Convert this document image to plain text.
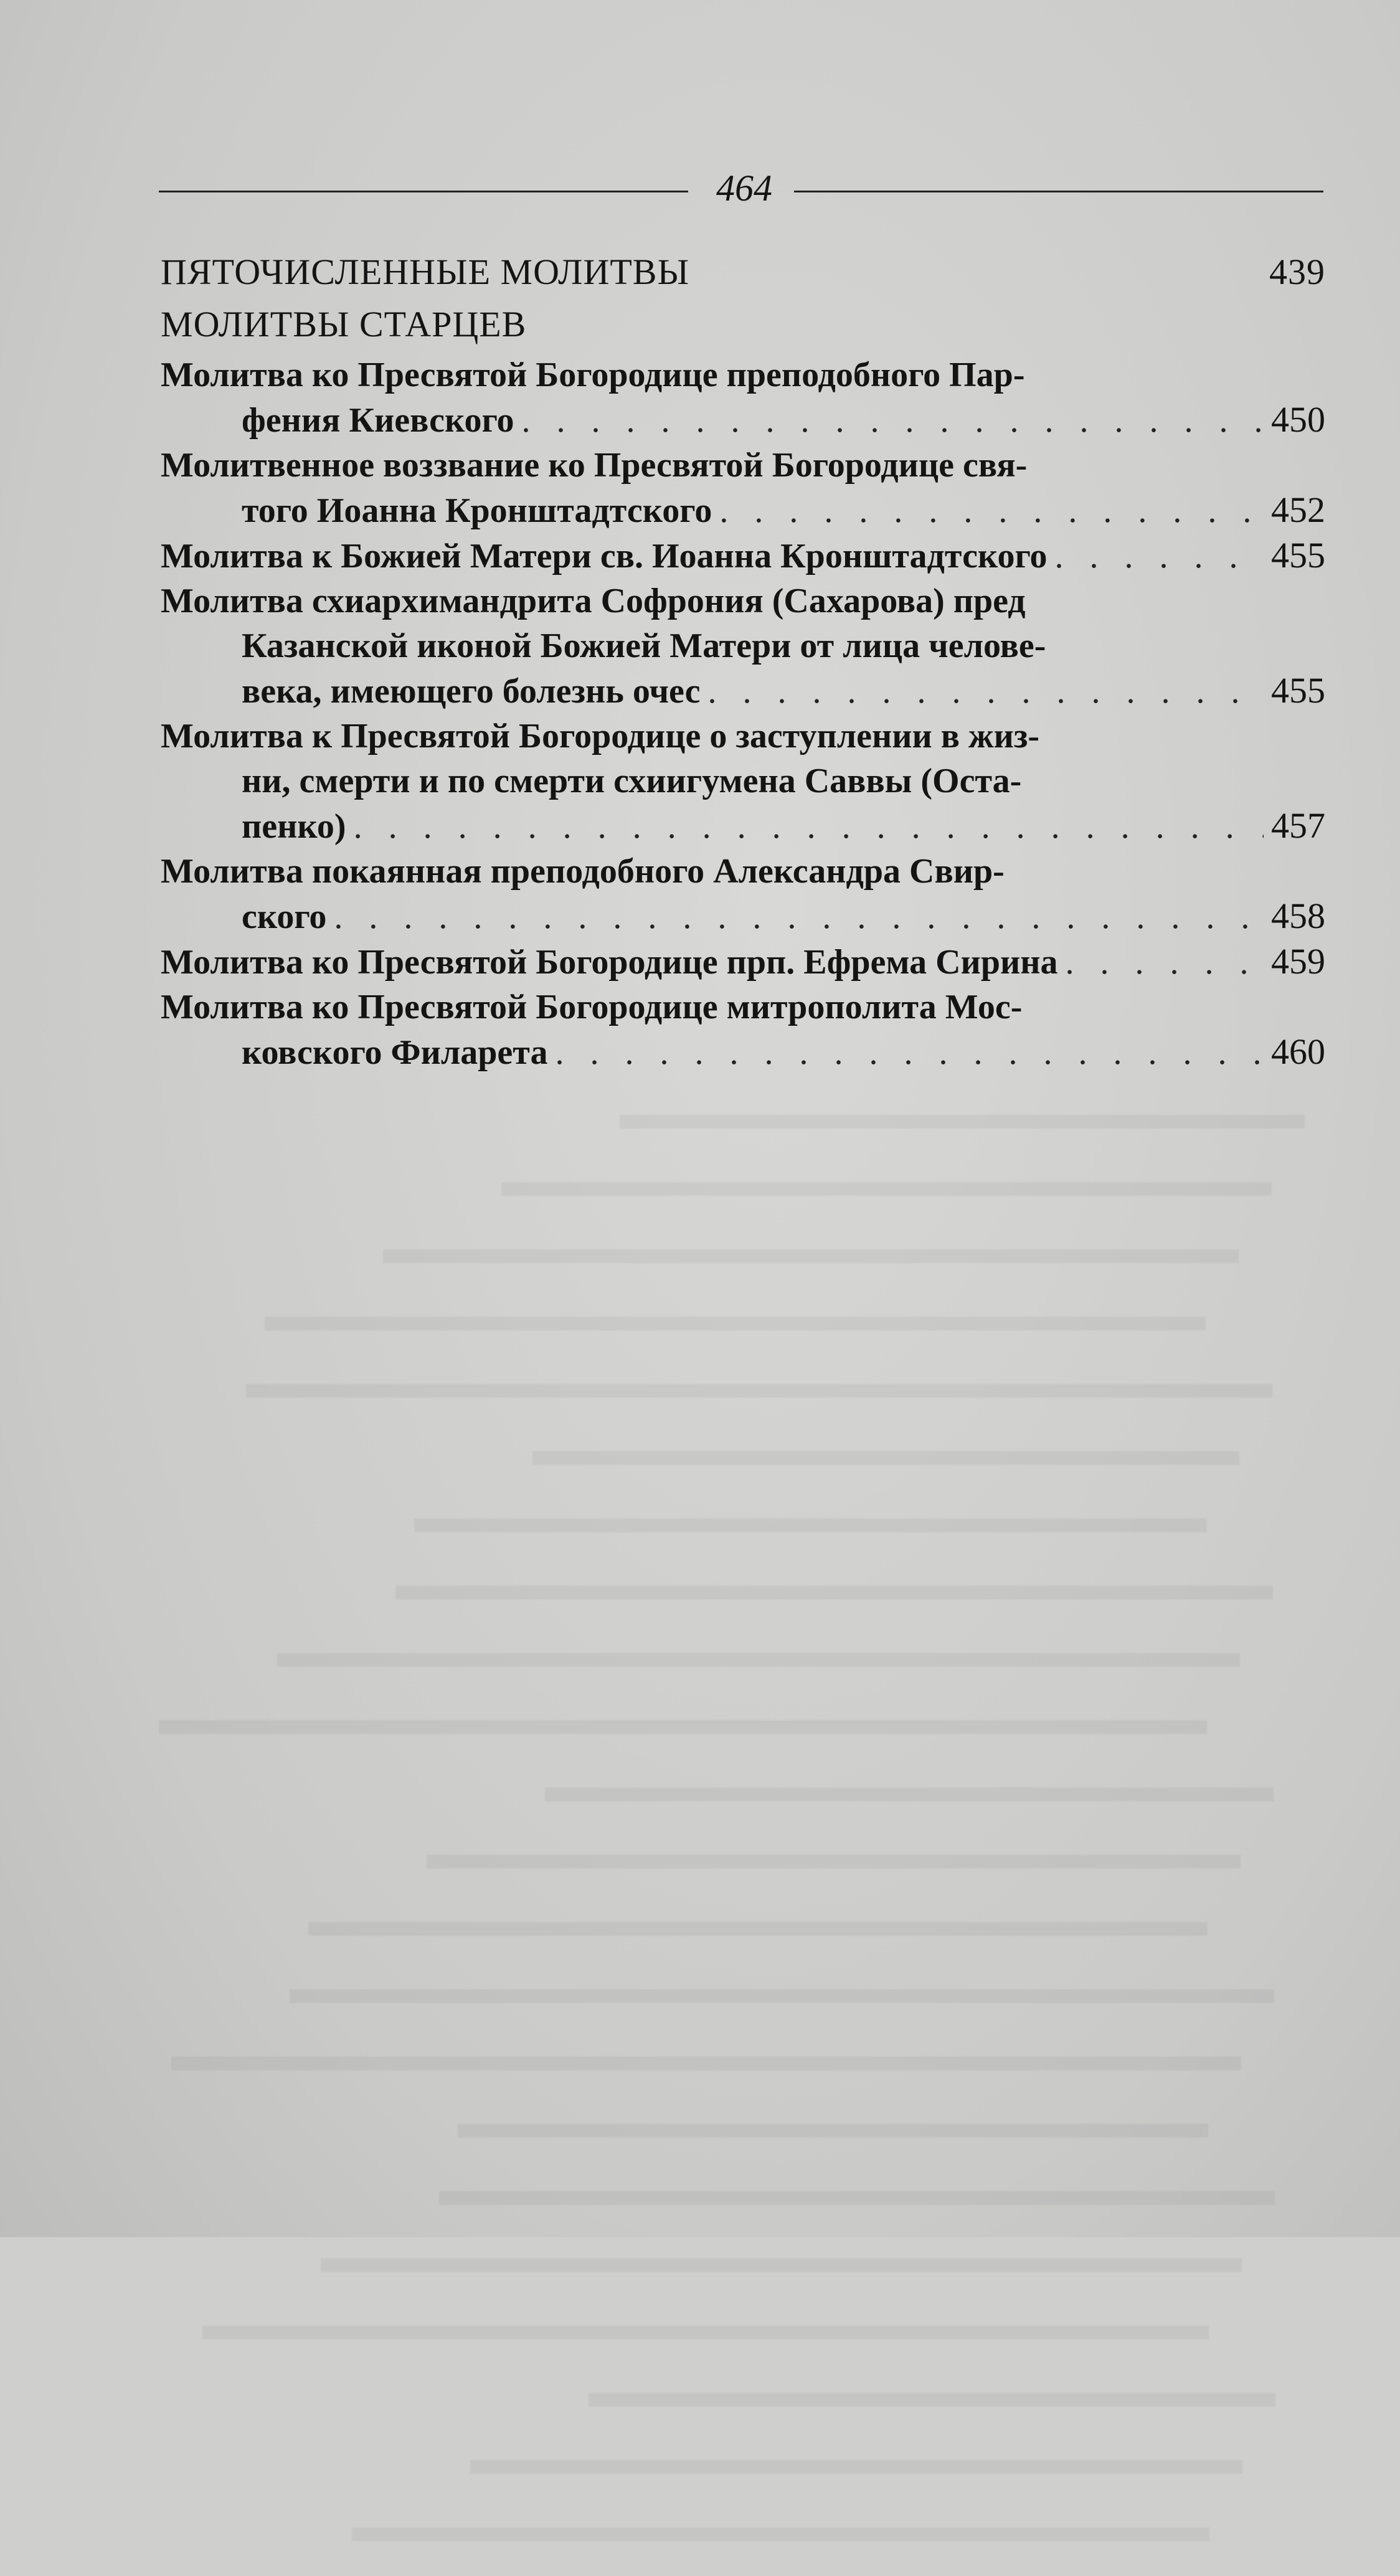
464
ПЯТОЧИСЛЕННЫЕ МОЛИТВЫ	439
МОЛИТВЫ СТАРЦЕВ
Молитва ко Пресвятой Богородице преподобного Пар-
фения Киевского . . .	450
Молитвенное воззвание ко Пресвятой Богородице свя-
того Иоанна Кронштадтского . . .	452
Молитва к Божией Матери св. Иоанна Кронштадтского . . .	455
Молитва схиархимандрита Софрония (Сахарова) пред
Казанской иконой Божией Матери от лица челове-
века, имеющего болезнь очес . . .	455
Молитва к Пресвятой Богородице о заступлении в жиз-
ни, смерти и по смерти схиигумена Саввы (Оста-
пенко) . . .	457
Молитва покаянная преподобного Александра Свир-
ского . . .	458
Молитва ко Пресвятой Богородице прп. Ефрема Сирина . . .	459
Молитва ко Пресвятой Богородице митрополита Мос-
ковского Филарета . . .	460
